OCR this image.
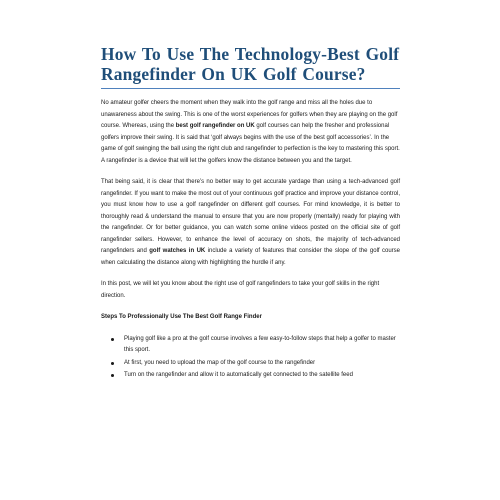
How To Use The Technology-Best Golf Rangefinder On UK Golf Course?

No amateur golfer cheers the moment when they walk into the golf range and miss all the holes due to unawareness about the swing. This is one of the worst experiences for golfers when they are playing on the golf course. Whereas, using the best golf rangefinder on UK golf courses can help the fresher and professional golfers improve their swing. It is said that ‘golf always begins with the use of the best golf accessories’. In the game of golf swinging the ball using the right club and rangefinder to perfection is the key to mastering this sport. A rangefinder is a device that will let the golfers know the distance between you and the target.

That being said, it is clear that there’s no better way to get accurate yardage than using a tech-advanced golf rangefinder. If you want to make the most out of your continuous golf practice and improve your distance control, you must know how to use a golf rangefinder on different golf courses. For mind knowledge, it is better to thoroughly read & understand the manual to ensure that you are now properly (mentally) ready for playing with the rangefinder. Or for better guidance, you can watch some online videos posted on the official site of golf rangefinder sellers. However, to enhance the level of accuracy on shots, the majority of tech-advanced rangefinders and golf watches in UK include a variety of features that consider the slope of the golf course when calculating the distance along with highlighting the hurdle if any.

In this post, we will let you know about the right use of golf rangefinders to take your golf skills in the right direction.

Steps To Professionally Use The Best Golf Range Finder

Playing golf like a pro at the golf course involves a few easy-to-follow steps that help a golfer to master this sport.
At first, you need to upload the map of the golf course to the rangefinder
Turn on the rangefinder and allow it to automatically get connected to the satellite feed
